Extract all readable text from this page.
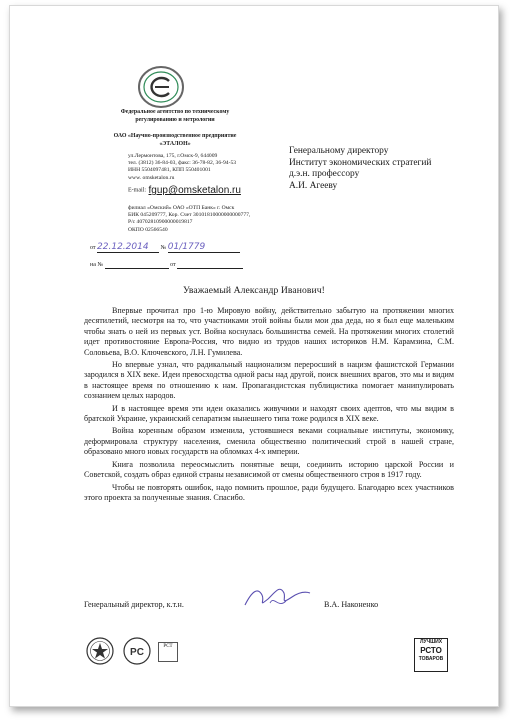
Федеральное агентство по техническому
регулированию и метрологии
ОАО «Научно-производственное предприятие
«ЭТАЛОН»
ул.Лермонтова, 175, г.Омск-9, 644009
тел. (3812) 36-84-03, факс: 36-78-82, 36-94-53
ИНН 5504097481, КПП 550401001
www. omsketalon.ru
E-mail: fgup@omsketalon.ru
филиал «Омский» ОАО «ОТП Банк» г. Омск
БИК 045209777, Кор. Счет 30101810000000000777,
Р/с 40702810900000019817
ОКПО 02566540
от 22.12.2014 № 01/1779
на №	от
Генеральному директору
Институт экономических стратегий
д.э.н. профессору
А.И. Агееву
Уважаемый Александр Иванович!

Впервые прочитал про 1-ю Мировую войну, действительно забытую на протяжении многих десятилетий, несмотря на то, что участниками этой войны были мои два деда, но я был еще маленьким чтобы знать о ней из первых уст. Война коснулась большинства семей. На протяжении многих столетий идет противостояние Европа-Россия, что видно из трудов наших историков Н.М. Карамзина, С.М. Соловьева, В.О. Ключевского, Л.Н. Гумилева.

Но впервые узнал, что радикальный национализм переросший в нацизм фашистской Германии зародился в XIX веке. Идеи превосходства одной расы над другой, поиск внешних врагов, это мы и видим в настоящее время по отношению к нам. Пропагандистская публицистика помогает манипулировать сознанием целых народов.

И в настоящее время эти идеи оказались живучими и находят своих адептов, что мы видим в братской Украине, украинский сепаратизм нынешнего типа тоже родился в XIX веке.

Война коренным образом изменила, устоявшиеся веками социальные институты, экономику, деформировала структуру населения, сменила общественно политический строй в нашей стране, образовано много новых государств на обломках 4-х империи.

Книга позволила переосмыслить понятные вещи, соединить историю царской России и Советской, создать образ единой страны независимой от смены общественного строя в 1917 году.

Чтобы не повторять ошибок, надо помнить прошлое, ради будущего. Благодарю всех участников этого проекта за полученные знания. Спасибо.

Генеральный директор, к.т.н.	В.А. Наконенко
PC
РСТ
ЛУЧШИХ
РСТО
ТОВАРОВ
